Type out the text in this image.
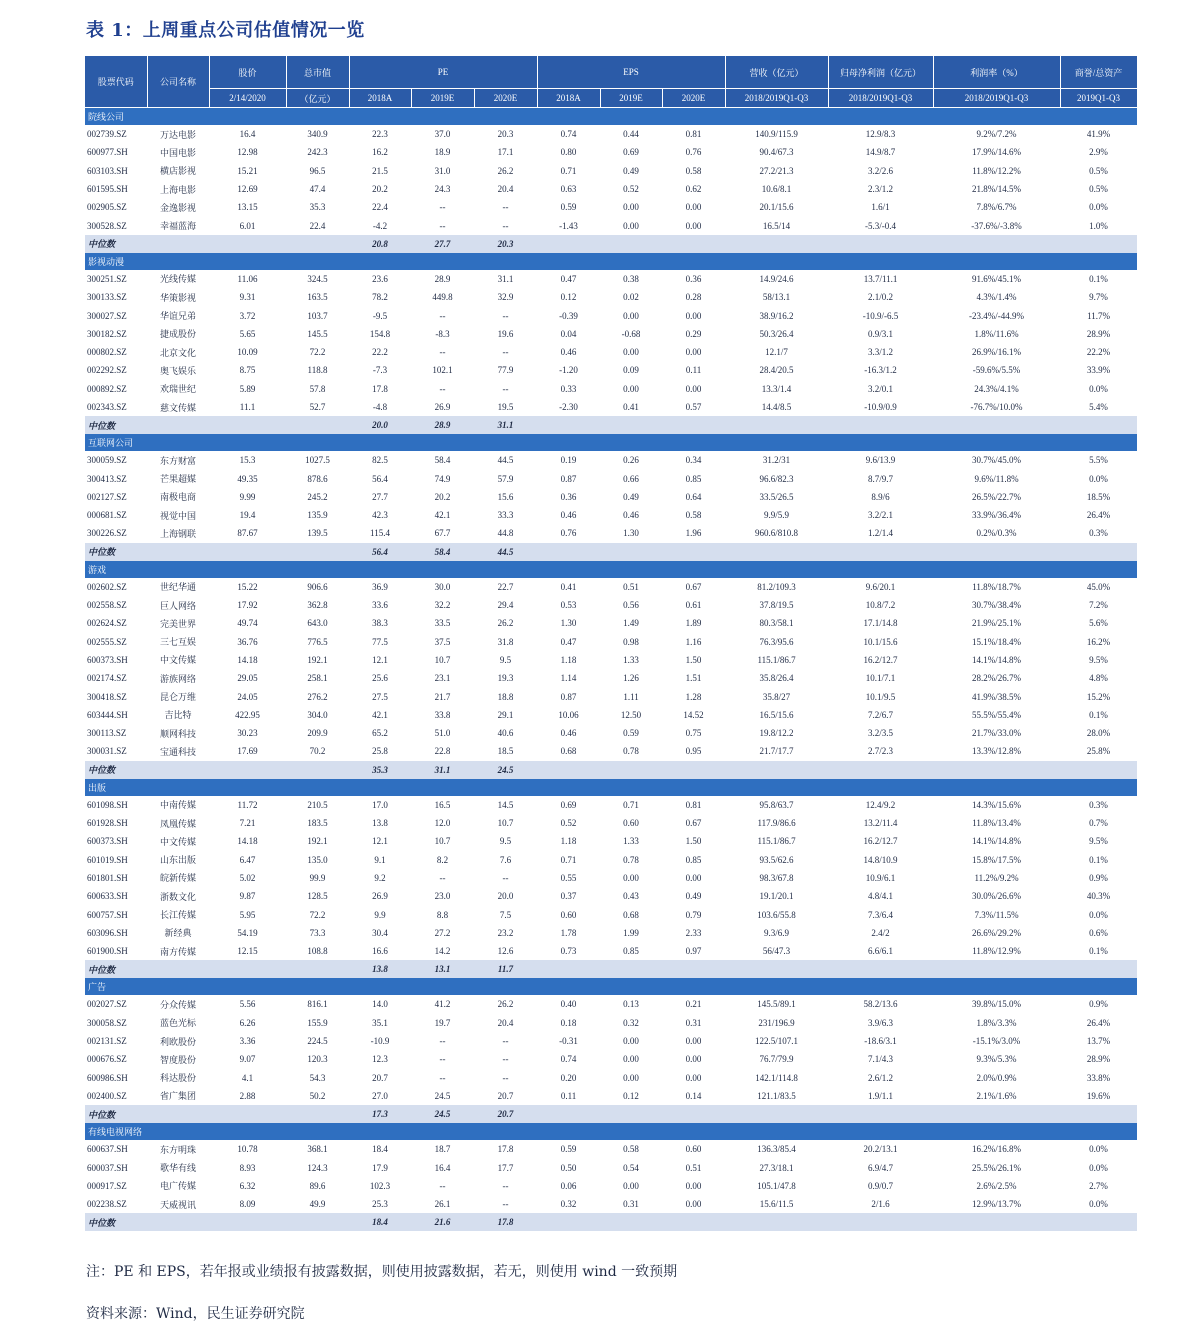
表 1：上周重点公司估值情况一览
股票代码	公司名称	股价	总市值	PE			EPS			营收（亿元）	归母净利润（亿元）	利润率（%）	商誉/总资产
		2/14/2020	（亿元）	2018A	2019E	2020E	2018A	2019E	2020E	2018/2019Q1-Q3	2018/2019Q1-Q3	2018/2019Q1-Q3	2019Q1-Q3
院线公司													
002739.SZ	万达电影	16.4	340.9	22.3	37.0	20.3	0.74	0.44	0.81	140.9/115.9	12.9/8.3	9.2%/7.2%	41.9%
600977.SH	中国电影	12.98	242.3	16.2	18.9	17.1	0.80	0.69	0.76	90.4/67.3	14.9/8.7	17.9%/14.6%	2.9%
603103.SH	横店影视	15.21	96.5	21.5	31.0	26.2	0.71	0.49	0.58	27.2/21.3	3.2/2.6	11.8%/12.2%	0.5%
601595.SH	上海电影	12.69	47.4	20.2	24.3	20.4	0.63	0.52	0.62	10.6/8.1	2.3/1.2	21.8%/14.5%	0.5%
002905.SZ	金逸影视	13.15	35.3	22.4	--	--	0.59	0.00	0.00	20.1/15.6	1.6/1	7.8%/6.7%	0.0%
300528.SZ	幸福蓝海	6.01	22.4	-4.2	--	--	-1.43	0.00	0.00	16.5/14	-5.3/-0.4	-37.6%/-3.8%	1.0%
中位数				20.8	27.7	20.3							
影视动漫													
300251.SZ	光线传媒	11.06	324.5	23.6	28.9	31.1	0.47	0.38	0.36	14.9/24.6	13.7/11.1	91.6%/45.1%	0.1%
300133.SZ	华策影视	9.31	163.5	78.2	449.8	32.9	0.12	0.02	0.28	58/13.1	2.1/0.2	4.3%/1.4%	9.7%
300027.SZ	华谊兄弟	3.72	103.7	-9.5	--	--	-0.39	0.00	0.00	38.9/16.2	-10.9/-6.5	-23.4%/-44.9%	11.7%
300182.SZ	捷成股份	5.65	145.5	154.8	-8.3	19.6	0.04	-0.68	0.29	50.3/26.4	0.9/3.1	1.8%/11.6%	28.9%
000802.SZ	北京文化	10.09	72.2	22.2	--	--	0.46	0.00	0.00	12.1/7	3.3/1.2	26.9%/16.1%	22.2%
002292.SZ	奥飞娱乐	8.75	118.8	-7.3	102.1	77.9	-1.20	0.09	0.11	28.4/20.5	-16.3/1.2	-59.6%/5.5%	33.9%
000892.SZ	欢瑞世纪	5.89	57.8	17.8	--	--	0.33	0.00	0.00	13.3/1.4	3.2/0.1	24.3%/4.1%	0.0%
002343.SZ	慈文传媒	11.1	52.7	-4.8	26.9	19.5	-2.30	0.41	0.57	14.4/8.5	-10.9/0.9	-76.7%/10.0%	5.4%
中位数				20.0	28.9	31.1							
互联网公司													
300059.SZ	东方财富	15.3	1027.5	82.5	58.4	44.5	0.19	0.26	0.34	31.2/31	9.6/13.9	30.7%/45.0%	5.5%
300413.SZ	芒果超媒	49.35	878.6	56.4	74.9	57.9	0.87	0.66	0.85	96.6/82.3	8.7/9.7	9.6%/11.8%	0.0%
002127.SZ	南极电商	9.99	245.2	27.7	20.2	15.6	0.36	0.49	0.64	33.5/26.5	8.9/6	26.5%/22.7%	18.5%
000681.SZ	视觉中国	19.4	135.9	42.3	42.1	33.3	0.46	0.46	0.58	9.9/5.9	3.2/2.1	33.9%/36.4%	26.4%
300226.SZ	上海钢联	87.67	139.5	115.4	67.7	44.8	0.76	1.30	1.96	960.6/810.8	1.2/1.4	0.2%/0.3%	0.3%
中位数				56.4	58.4	44.5							
游戏													
002602.SZ	世纪华通	15.22	906.6	36.9	30.0	22.7	0.41	0.51	0.67	81.2/109.3	9.6/20.1	11.8%/18.7%	45.0%
002558.SZ	巨人网络	17.92	362.8	33.6	32.2	29.4	0.53	0.56	0.61	37.8/19.5	10.8/7.2	30.7%/38.4%	7.2%
002624.SZ	完美世界	49.74	643.0	38.3	33.5	26.2	1.30	1.49	1.89	80.3/58.1	17.1/14.8	21.9%/25.1%	5.6%
002555.SZ	三七互娱	36.76	776.5	77.5	37.5	31.8	0.47	0.98	1.16	76.3/95.6	10.1/15.6	15.1%/18.4%	16.2%
600373.SH	中文传媒	14.18	192.1	12.1	10.7	9.5	1.18	1.33	1.50	115.1/86.7	16.2/12.7	14.1%/14.8%	9.5%
002174.SZ	游族网络	29.05	258.1	25.6	23.1	19.3	1.14	1.26	1.51	35.8/26.4	10.1/7.1	28.2%/26.7%	4.8%
300418.SZ	昆仑万维	24.05	276.2	27.5	21.7	18.8	0.87	1.11	1.28	35.8/27	10.1/9.5	41.9%/38.5%	15.2%
603444.SH	吉比特	422.95	304.0	42.1	33.8	29.1	10.06	12.50	14.52	16.5/15.6	7.2/6.7	55.5%/55.4%	0.1%
300113.SZ	顺网科技	30.23	209.9	65.2	51.0	40.6	0.46	0.59	0.75	19.8/12.2	3.2/3.5	21.7%/33.0%	28.0%
300031.SZ	宝通科技	17.69	70.2	25.8	22.8	18.5	0.68	0.78	0.95	21.7/17.7	2.7/2.3	13.3%/12.8%	25.8%
中位数				35.3	31.1	24.5							
出版													
601098.SH	中南传媒	11.72	210.5	17.0	16.5	14.5	0.69	0.71	0.81	95.8/63.7	12.4/9.2	14.3%/15.6%	0.3%
601928.SH	凤凰传媒	7.21	183.5	13.8	12.0	10.7	0.52	0.60	0.67	117.9/86.6	13.2/11.4	11.8%/13.4%	0.7%
600373.SH	中文传媒	14.18	192.1	12.1	10.7	9.5	1.18	1.33	1.50	115.1/86.7	16.2/12.7	14.1%/14.8%	9.5%
601019.SH	山东出版	6.47	135.0	9.1	8.2	7.6	0.71	0.78	0.85	93.5/62.6	14.8/10.9	15.8%/17.5%	0.1%
601801.SH	皖新传媒	5.02	99.9	9.2	--	--	0.55	0.00	0.00	98.3/67.8	10.9/6.1	11.2%/9.2%	0.9%
600633.SH	浙数文化	9.87	128.5	26.9	23.0	20.0	0.37	0.43	0.49	19.1/20.1	4.8/4.1	30.0%/26.6%	40.3%
600757.SH	长江传媒	5.95	72.2	9.9	8.8	7.5	0.60	0.68	0.79	103.6/55.8	7.3/6.4	7.3%/11.5%	0.0%
603096.SH	新经典	54.19	73.3	30.4	27.2	23.2	1.78	1.99	2.33	9.3/6.9	2.4/2	26.6%/29.2%	0.6%
601900.SH	南方传媒	12.15	108.8	16.6	14.2	12.6	0.73	0.85	0.97	56/47.3	6.6/6.1	11.8%/12.9%	0.1%
中位数				13.8	13.1	11.7							
广告													
002027.SZ	分众传媒	5.56	816.1	14.0	41.2	26.2	0.40	0.13	0.21	145.5/89.1	58.2/13.6	39.8%/15.0%	0.9%
300058.SZ	蓝色光标	6.26	155.9	35.1	19.7	20.4	0.18	0.32	0.31	231/196.9	3.9/6.3	1.8%/3.3%	26.4%
002131.SZ	利欧股份	3.36	224.5	-10.9	--	--	-0.31	0.00	0.00	122.5/107.1	-18.6/3.1	-15.1%/3.0%	13.7%
000676.SZ	智度股份	9.07	120.3	12.3	--	--	0.74	0.00	0.00	76.7/79.9	7.1/4.3	9.3%/5.3%	28.9%
600986.SH	科达股份	4.1	54.3	20.7	--	--	0.20	0.00	0.00	142.1/114.8	2.6/1.2	2.0%/0.9%	33.8%
002400.SZ	省广集团	2.88	50.2	27.0	24.5	20.7	0.11	0.12	0.14	121.1/83.5	1.9/1.1	2.1%/1.6%	19.6%
中位数				17.3	24.5	20.7							
有线电视网络													
600637.SH	东方明珠	10.78	368.1	18.4	18.7	17.8	0.59	0.58	0.60	136.3/85.4	20.2/13.1	16.2%/16.8%	0.0%
600037.SH	歌华有线	8.93	124.3	17.9	16.4	17.7	0.50	0.54	0.51	27.3/18.1	6.9/4.7	25.5%/26.1%	0.0%
000917.SZ	电广传媒	6.32	89.6	102.3	--	--	0.06	0.00	0.00	105.1/47.8	0.9/0.7	2.6%/2.5%	2.7%
002238.SZ	天威视讯	8.09	49.9	25.3	26.1	--	0.32	0.31	0.00	15.6/11.5	2/1.6	12.9%/13.7%	0.0%
中位数				18.4	21.6	17.8							
注：PE 和 EPS，若年报或业绩报有披露数据，则使用披露数据，若无，则使用 wind 一致预期
资料来源：Wind，民生证券研究院
